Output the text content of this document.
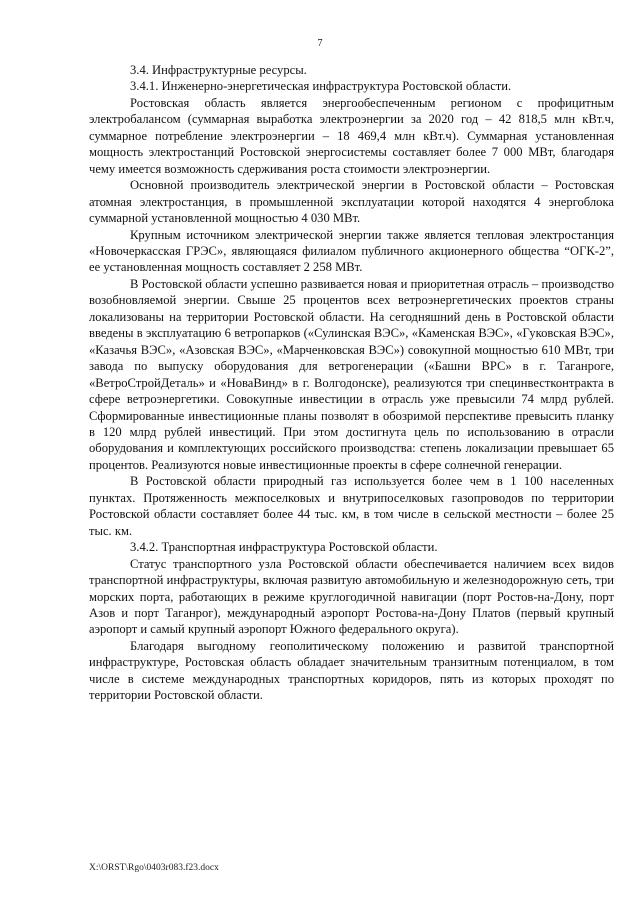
7

3.4. Инфраструктурные ресурсы.

3.4.1. Инженерно-энергетическая инфраструктура Ростовской области.

Ростовская область является энергообеспеченным регионом с профицитным электробалансом (суммарная выработка электроэнергии за 2020 год – 42 818,5 млн кВт.ч, суммарное потребление электроэнергии – 18 469,4 млн кВт.ч). Суммарная установленная мощность электростанций Ростовской энергосистемы составляет более 7 000 МВт, благодаря чему имеется возможность сдерживания роста стоимости электроэнергии.

Основной производитель электрической энергии в Ростовской области – Ростовская атомная электростанция, в промышленной эксплуатации которой находятся 4 энергоблока суммарной установленной мощностью 4 030 МВт.

Крупным источником электрической энергии также является тепловая электростанция «Новочеркасская ГРЭС», являющаяся филиалом публичного акционерного общества “ОГК-2”, ее установленная мощность составляет 2 258 МВт.

В Ростовской области успешно развивается новая и приоритетная отрасль – производство возобновляемой энергии. Свыше 25 процентов всех ветроэнергетических проектов страны локализованы на территории Ростовской области. На сегодняшний день в Ростовской области введены в эксплуатацию 6 ветропарков («Сулинская ВЭС», «Каменская ВЭС», «Гуковская ВЭС», «Казачья ВЭС», «Азовская ВЭС», «Марченковская ВЭС») совокупной мощностью 610 МВт, три завода по выпуску оборудования для ветрогенерации («Башни ВРС» в г. Таганроге, «ВетроСтройДеталь» и «НоваВинд» в г. Волгодонске), реализуются три специнвестконтракта в сфере ветроэнергетики. Совокупные инвестиции в отрасль уже превысили 74 млрд рублей. Сформированные инвестиционные планы позволят в обозримой перспективе превысить планку в 120 млрд рублей инвестиций. При этом достигнута цель по использованию в отрасли оборудования и комплектующих российского производства: степень локализации превышает 65 процентов. Реализуются новые инвестиционные проекты в сфере солнечной генерации.

В Ростовской области природный газ используется более чем в 1 100 населенных пунктах. Протяженность межпоселковых и внутрипоселковых газопроводов по территории Ростовской области составляет более 44 тыс. км, в том числе в сельской местности – более 25 тыс. км.

3.4.2. Транспортная инфраструктура Ростовской области.

Статус транспортного узла Ростовской области обеспечивается наличием всех видов транспортной инфраструктуры, включая развитую автомобильную и железнодорожную сеть, три морских порта, работающих в режиме круглогодичной навигации (порт Ростов-на-Дону, порт Азов и порт Таганрог), международный аэропорт Ростова-на-Дону Платов (первый крупный аэропорт и самый крупный аэропорт Южного федерального округа).

Благодаря выгодному геополитическому положению и развитой транспортной инфраструктуре, Ростовская область обладает значительным транзитным потенциалом, в том числе в системе международных транспортных коридоров, пять из которых проходят по территории Ростовской области.

X:\ORST\Rgo\0403r083.f23.docx
